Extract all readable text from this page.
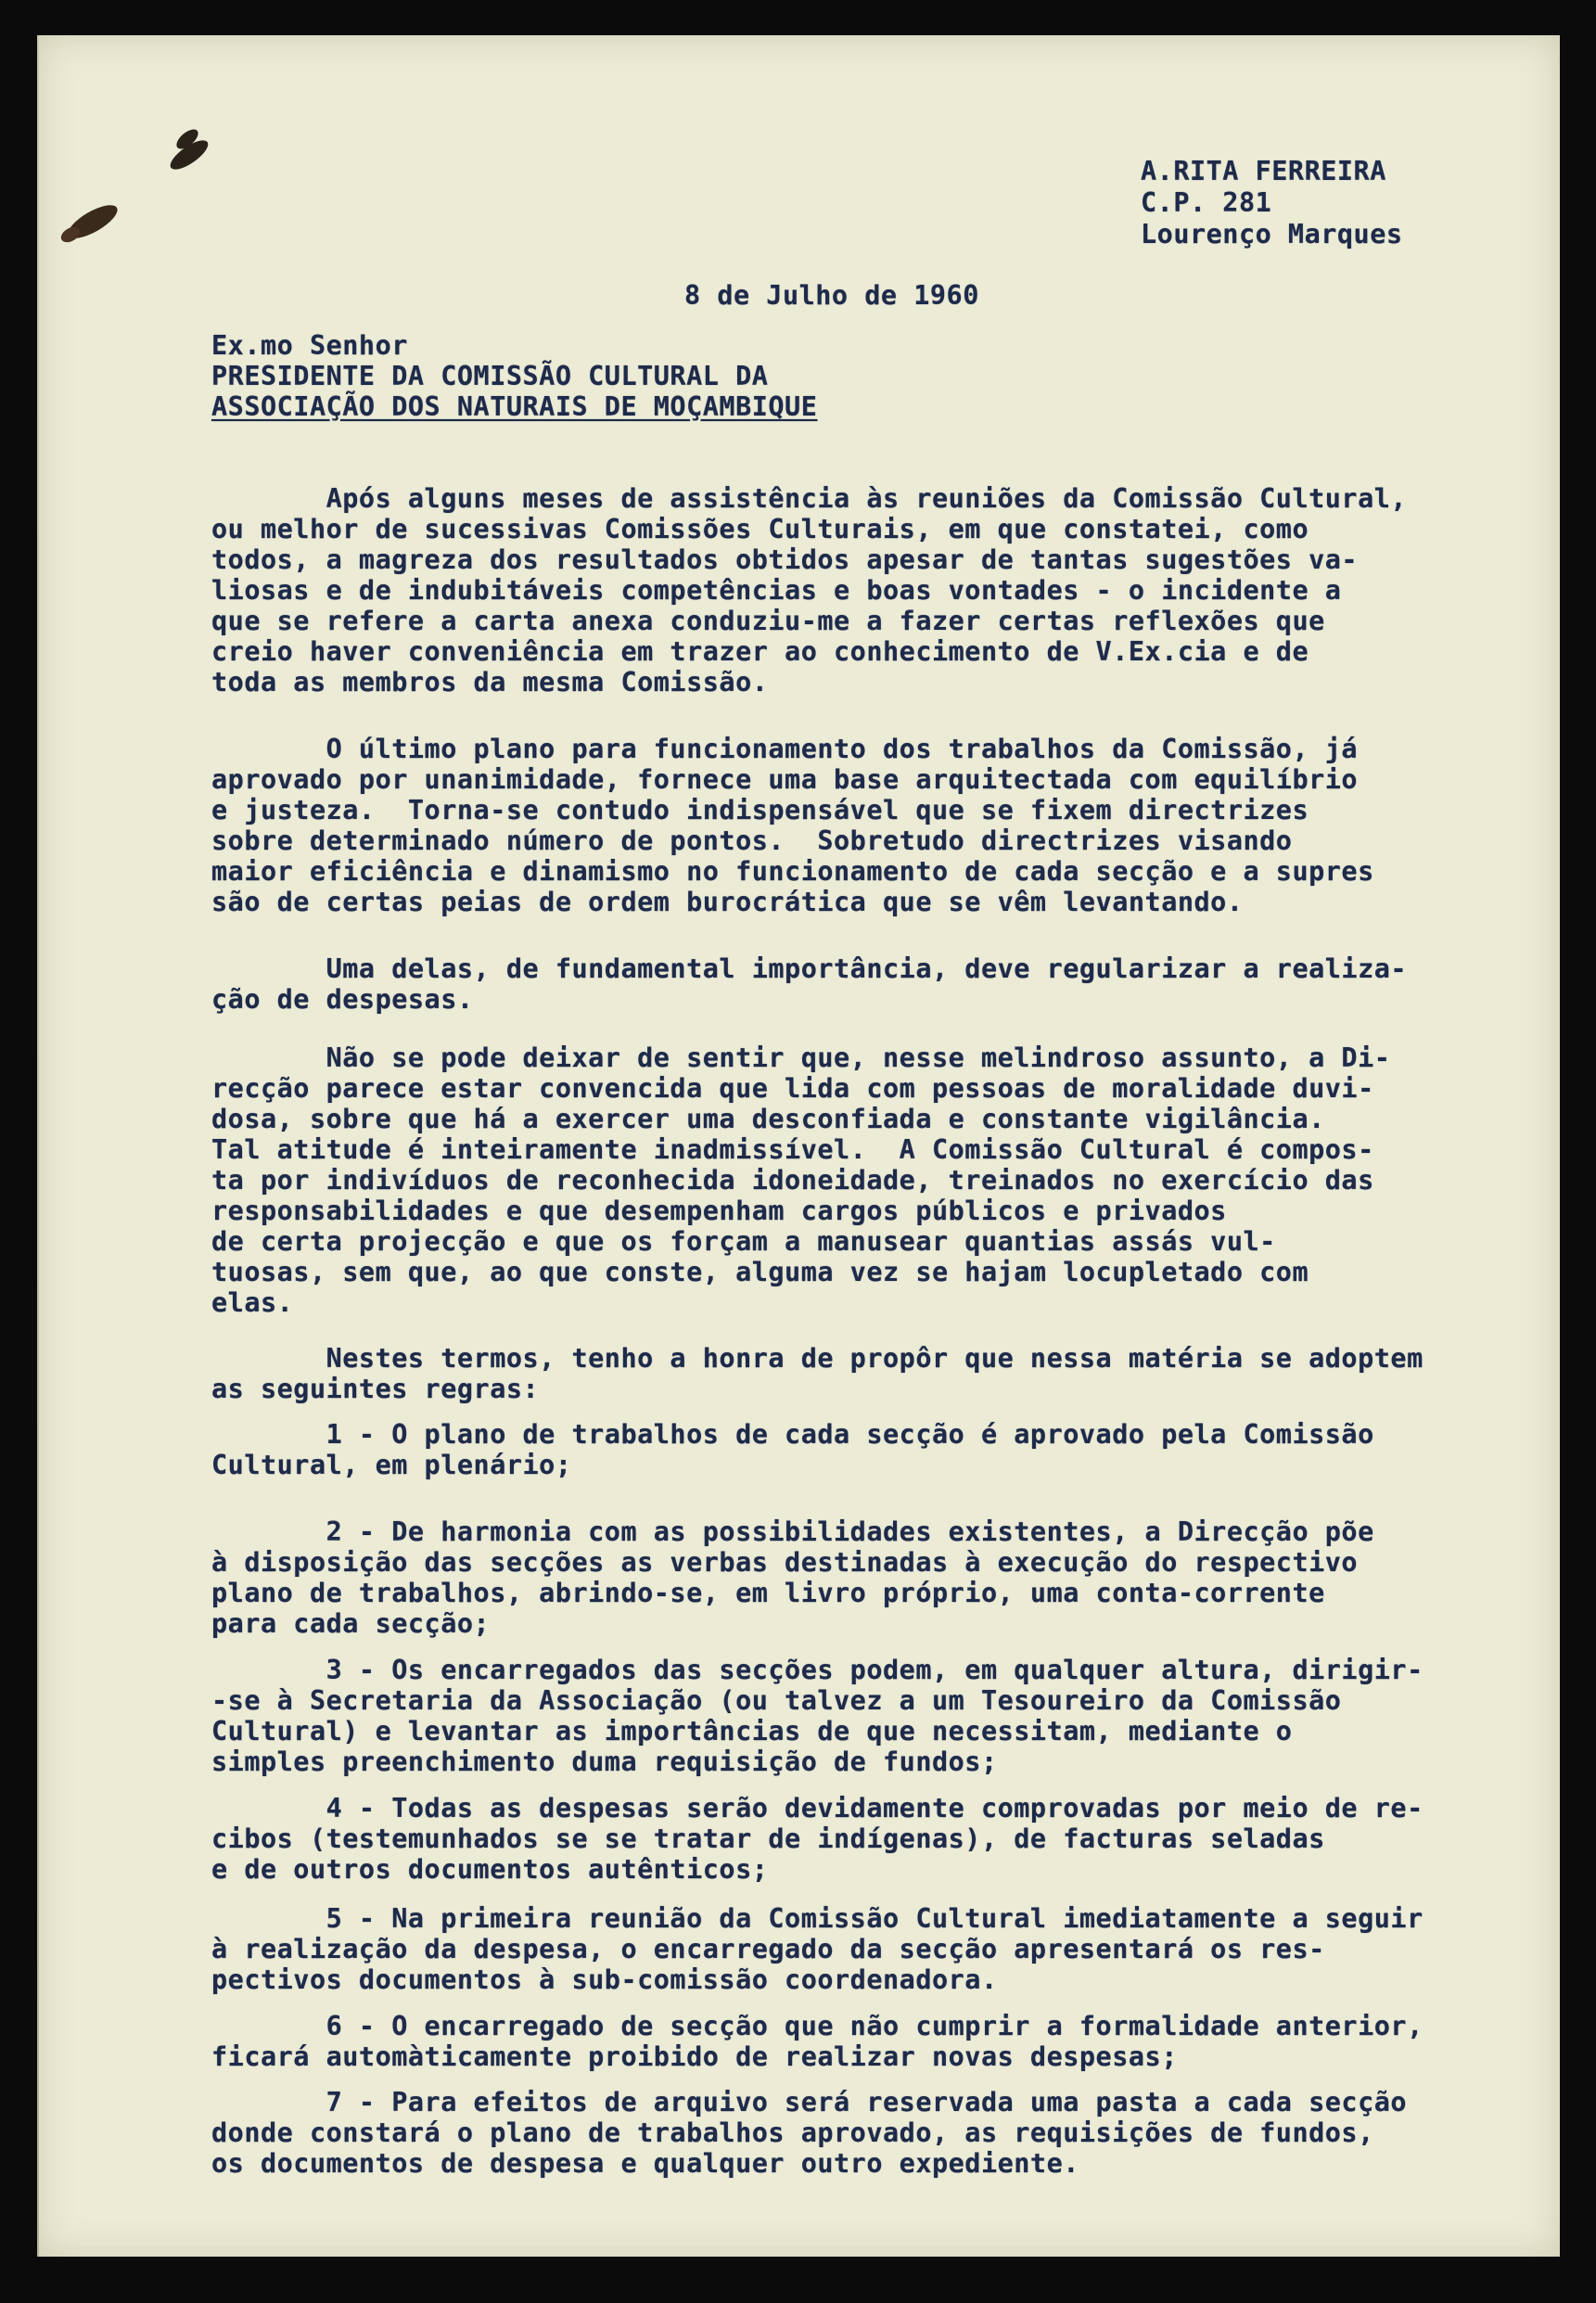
A.RITA FERREIRA
C.P. 281
Lourenço Marques
8 de Julho de 1960
Ex.mo Senhor
PRESIDENTE DA COMISSÃO CULTURAL DA
ASSOCIAÇÃO DOS NATURAIS DE MOÇAMBIQUE
Após alguns meses de assistência às reuniões da Comissão Cultural,
ou melhor de sucessivas Comissões Culturais, em que constatei, como
todos, a magreza dos resultados obtidos apesar de tantas sugestões va-
liosas e de indubitáveis competências e boas vontades - o incidente a
que se refere a carta anexa conduziu-me a fazer certas reflexões que
creio haver conveniência em trazer ao conhecimento de V.Ex.cia e de
toda as membros da mesma Comissão.
O último plano para funcionamento dos trabalhos da Comissão, já
aprovado por unanimidade, fornece uma base arquitectada com equilíbrio
e justeza.  Torna-se contudo indispensável que se fixem directrizes
sobre determinado número de pontos.  Sobretudo directrizes visando
maior eficiência e dinamismo no funcionamento de cada secção e a supres
são de certas peias de ordem burocrática que se vêm levantando.
Uma delas, de fundamental importância, deve regularizar a realiza-
ção de despesas.
Não se pode deixar de sentir que, nesse melindroso assunto, a Di-
recção parece estar convencida que lida com pessoas de moralidade duvi-
dosa, sobre que há a exercer uma desconfiada e constante vigilância.
Tal atitude é inteiramente inadmissível.  A Comissão Cultural é compos-
ta por indivíduos de reconhecida idoneidade, treinados no exercício das
responsabilidades e que desempenham cargos públicos e privados
de certa projecção e que os forçam a manusear quantias assás vul-
tuosas, sem que, ao que conste, alguma vez se hajam locupletado com
elas.
Nestes termos, tenho a honra de propôr que nessa matéria se adoptem
as seguintes regras:
1 - O plano de trabalhos de cada secção é aprovado pela Comissão
Cultural, em plenário;
2 - De harmonia com as possibilidades existentes, a Direcção põe
à disposição das secções as verbas destinadas à execução do respectivo
plano de trabalhos, abrindo-se, em livro próprio, uma conta-corrente
para cada secção;
3 - Os encarregados das secções podem, em qualquer altura, dirigir-
-se à Secretaria da Associação (ou talvez a um Tesoureiro da Comissão
Cultural) e levantar as importâncias de que necessitam, mediante o
simples preenchimento duma requisição de fundos;
4 - Todas as despesas serão devidamente comprovadas por meio de re-
cibos (testemunhados se se tratar de indígenas), de facturas seladas
e de outros documentos autênticos;
5 - Na primeira reunião da Comissão Cultural imediatamente a seguir
à realização da despesa, o encarregado da secção apresentará os res-
pectivos documentos à sub-comissão coordenadora.
6 - O encarregado de secção que não cumprir a formalidade anterior,
ficará automàticamente proibido de realizar novas despesas;
7 - Para efeitos de arquivo será reservada uma pasta a cada secção
donde constará o plano de trabalhos aprovado, as requisições de fundos,
os documentos de despesa e qualquer outro expediente.
